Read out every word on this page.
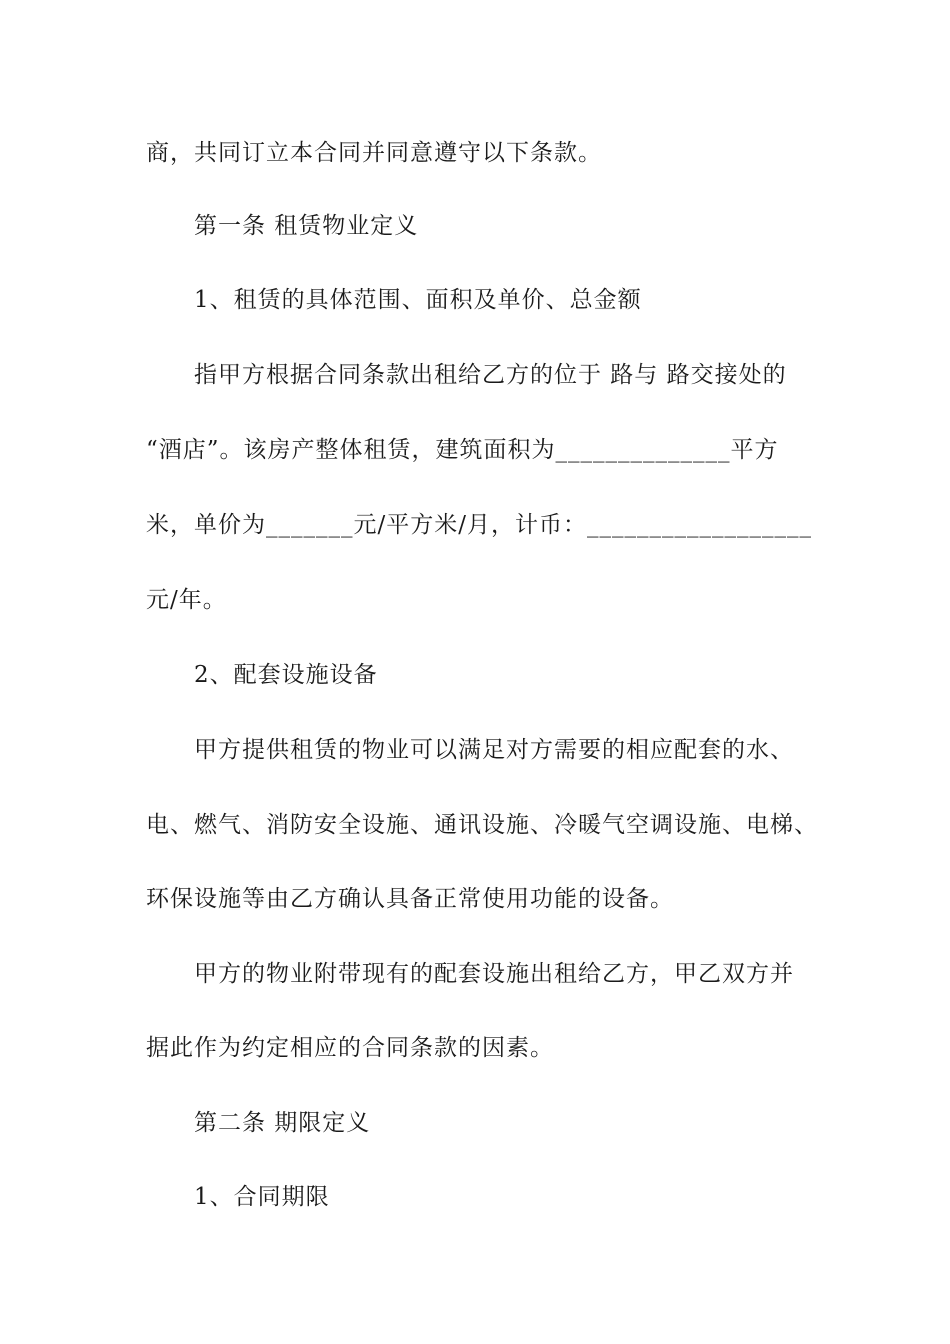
商，共同订立本合同并同意遵守以下条款。
第一条 租赁物业定义
1、租赁的具体范围、面积及单价、总金额
指甲方根据合同条款出租给乙方的位于 路与 路交接处的
“酒店”。该房产整体租赁，建筑面积为______________平方
米，单价为_______元/平方米/月，计币：__________________
元/年。
2、配套设施设备
甲方提供租赁的物业可以满足对方需要的相应配套的水、
电、燃气、消防安全设施、通讯设施、冷暖气空调设施、电梯、
环保设施等由乙方确认具备正常使用功能的设备。
甲方的物业附带现有的配套设施出租给乙方，甲乙双方并
据此作为约定相应的合同条款的因素。
第二条 期限定义
1、合同期限
